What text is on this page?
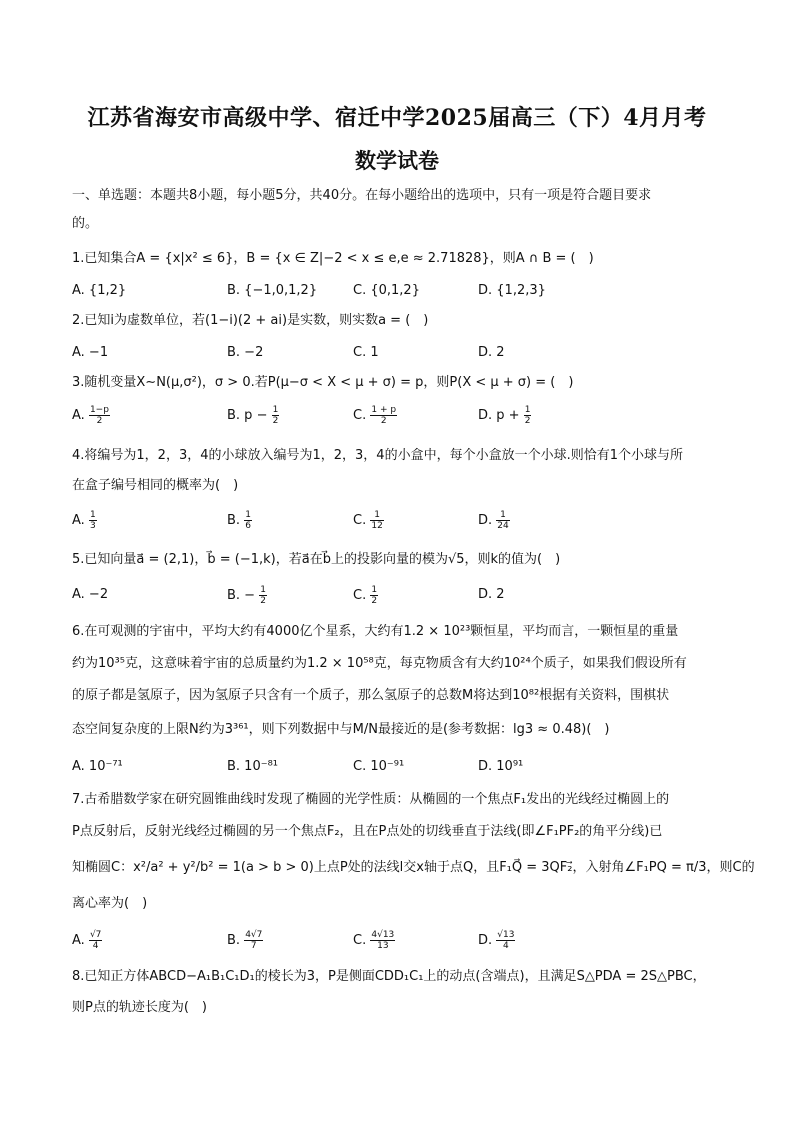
江苏省海安市高级中学、宿迁中学2025届高三（下）4月月考
数学试卷
一、单选题：本题共8小题，每小题5分，共40分。在每小题给出的选项中，只有一项是符合题目要求
的。
1.已知集合A = {x|x² ≤ 6}，B = {x ∈ Z|−2 < x ≤ e,e ≈ 2.71828}，则A ∩ B = (　)
A. {1,2}	B. {−1,0,1,2}	C. {0,1,2}	D. {1,2,3}
2.已知i为虚数单位，若(1−i)(2 + ai)是实数，则实数a = (　)
A. −1	B. −2	C. 1	D. 2
3.随机变量X∼N(μ,σ²)，σ > 0.若P(μ−σ < X < μ + σ) = p，则P(X < μ + σ) = (　)
A. $\frac{1-p}{2}$	B. $p - \frac{1}{2}$	C. $\frac{1 + p}{2}$	D. $p + \frac{1}{2}$
4.将编号为1，2，3，4的小球放入编号为1，2，3，4的小盒中，每个小盒放一个小球.则恰有1个小球与所
在盒子编号相同的概率为(　)
A. $\frac{1}{3}$	B. $\frac{1}{6}$	C. $\frac{1}{12}$	D. $\frac{1}{24}$
5.已知向量a⃗ = (2,1)，b⃗ = (−1,k)，若a⃗在b⃗上的投影向量的模为√5，则k的值为(　)
A. −2	B. − $\frac{1}{2}$	C. $\frac{1}{2}$	D. 2
6.在可观测的宇宙中，平均大约有4000亿个星系，大约有1.2 × 10²³颗恒星，平均而言，一颗恒星的重量
约为10³⁵克，这意味着宇宙的总质量约为1.2 × 10⁵⁸克，每克物质含有大约10²⁴个质子，如果我们假设所有
的原子都是氢原子，因为氢原子只含有一个质子，那么氢原子的总数M将达到10⁸²根据有关资料，围棋状
态空间复杂度的上限N约为3³⁶¹，则下列数据中与M/N最接近的是(参考数据：lg3 ≈ 0.48)(　)
A. 10⁻⁷¹	B. 10⁻⁸¹	C. 10⁻⁹¹	D. 10⁹¹
7.古希腊数学家在研究圆锥曲线时发现了椭圆的光学性质：从椭圆的一个焦点F₁发出的光线经过椭圆上的
P点反射后，反射光线经过椭圆的另一个焦点F₂，且在P点处的切线垂直于法线(即∠F₁PF₂的角平分线)已
知椭圆C：x²/a² + y²/b² = 1(a > b > 0)上点P处的法线l交x轴于点Q，且F₁Q⃗ = 3QF₂⃗，入射角∠F₁PQ = π/3，则C的
离心率为(　)
A. $\frac{√7}{4}$	B. $\frac{4√7}{7}$	C. $\frac{4√13}{13}$	D. $\frac{√13}{4}$
8.已知正方体ABCD−A₁B₁C₁D₁的棱长为3，P是侧面CDD₁C₁上的动点(含端点)，且满足S△PDA = 2S△PBC，
则P点的轨迹长度为(　)
